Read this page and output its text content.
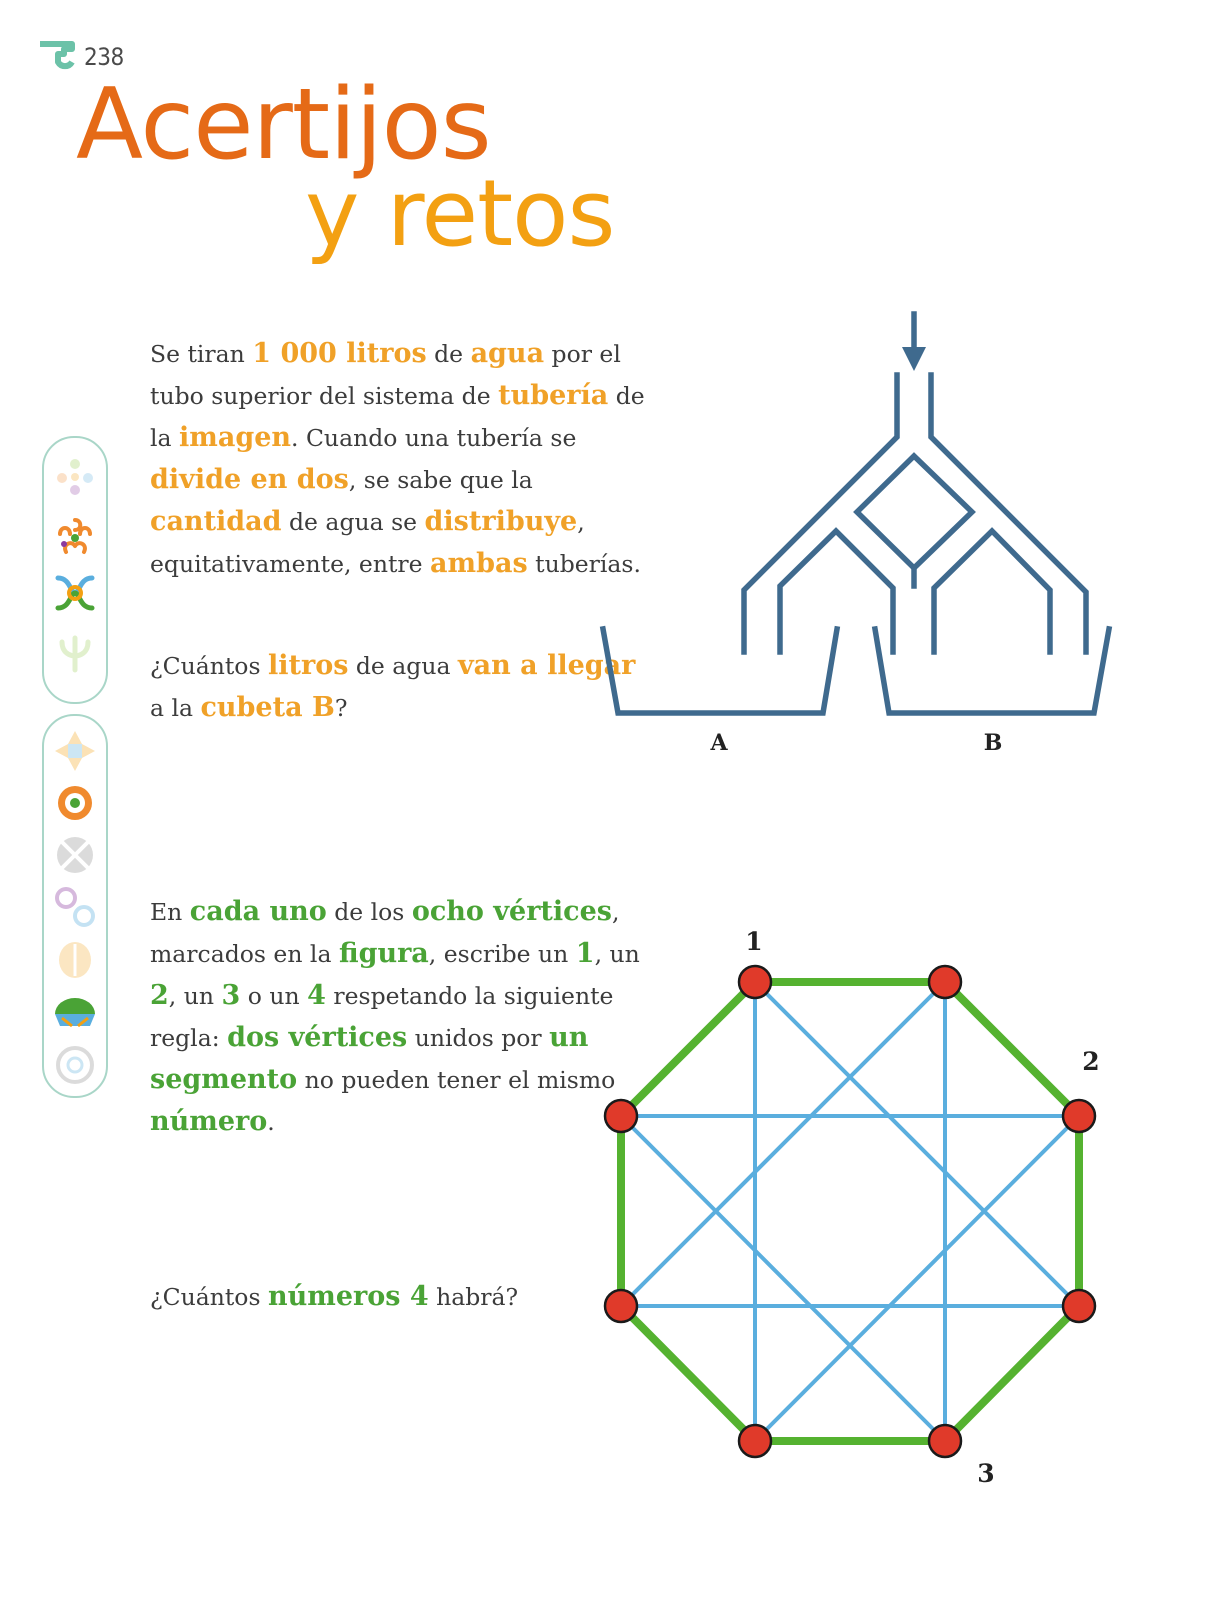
238
Acertijos
y retos

Se tiran 1 000 litros de agua por el tubo superior del sistema de tubería de la imagen. Cuando una tubería se divide en dos, se sabe que la cantidad de agua se distribuye, equitativamente, entre ambas tuberías.

¿Cuántos litros de agua van a llegar a la cubeta B?

A	B

En cada uno de los ocho vértices, marcados en la figura, escribe un 1, un 2, un 3 o un 4 respetando la siguiente regla: dos vértices unidos por un segmento no pueden tener el mismo número.

¿Cuántos números 4 habrá?

1
2
3
